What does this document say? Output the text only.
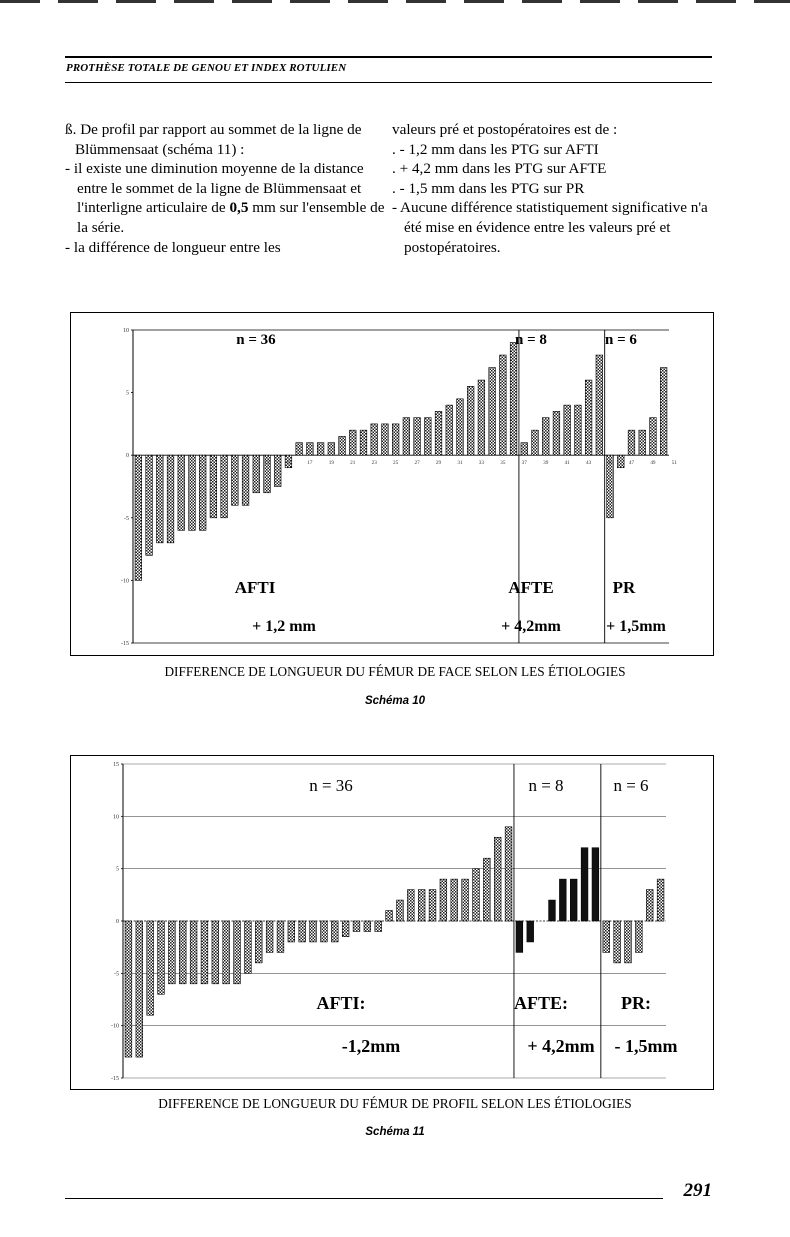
PROTHÈSE TOTALE DE GENOU ET INDEX ROTULIEN

ß. De profil par rapport au sommet de la ligne de Blümmensaat (schéma 11) :

- il existe une diminution moyenne de la distance entre le sommet de la ligne de Blümmensaat et l'interligne articulaire de 0,5 mm sur l'ensemble de la série.

- la différence de longueur entre les

valeurs pré et postopératoires est de :

. - 1,2 mm dans les PTG sur AFTI

. + 4,2 mm dans les PTG sur AFTE

. - 1,5 mm dans les PTG sur PR

- Aucune différence statistiquement significative n'a été mise en évidence entre les valeurs pré et postopératoires.

10
5
0
-5
-10
-15
n = 36
AFTI
+ 1,2 mm
n = 8
AFTE
+ 4,2mm
n = 6
PR
+ 1,5mm
13	15	17	19	21	23	25	27	29	31	33	35	37	39	41	43	45	47	49	51
DIFFERENCE DE LONGUEUR DU FÉMUR DE FACE SELON LES ÉTIOLOGIES
Schéma 10
15
10
5
0
-5
-10
-15
n = 36
AFTI:
-1,2mm
n = 8
AFTE:
+ 4,2mm
n = 6
PR:
- 1,5mm
DIFFERENCE DE LONGUEUR DU FÉMUR DE PROFIL SELON LES ÉTIOLOGIES
Schéma 11
291
